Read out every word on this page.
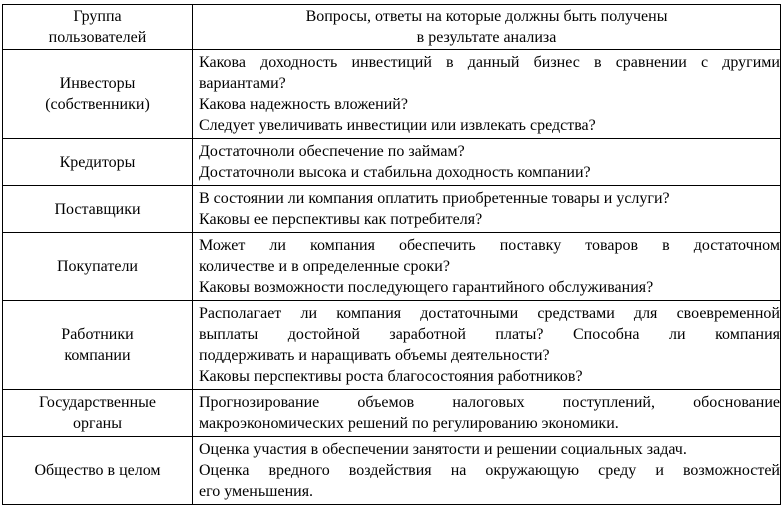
Группа
пользователей	Вопросы, ответы на которые должны быть получены
в результате анализа

Инвесторы
(собственники)	Какова доходность инвестиций в данный бизнес в сравнении с другими
вариантами?
Какова надежность вложений?
Следует увеличивать инвестиции или извлекать средства?

Кредиторы	Достаточноли обеспечение по займам?
Достаточноли высока и стабильна доходность компании?

Поставщики	В состоянии ли компания оплатить приобретенные товары и услуги?
Каковы ее перспективы как потребителя?

Покупатели	Может ли компания обеспечить поставку товаров в достаточном
количестве и в определенные сроки?
Каковы возможности последующего гарантийного обслуживания?

Работники
компании	Располагает ли компания достаточными средствами для своевременной
выплаты достойной заработной платы? Способна ли компания
поддерживать и наращивать объемы деятельности?
Каковы перспективы роста благосостояния работников?

Государственные
органы	Прогнозирование объемов налоговых поступлений, обоснование
макроэкономических решений по регулированию экономики.

Общество в целом	Оценка участия в обеспечении занятости и решении социальных задач.
Оценка вредного воздействия на окружающую среду и возможностей
его уменьшения.
